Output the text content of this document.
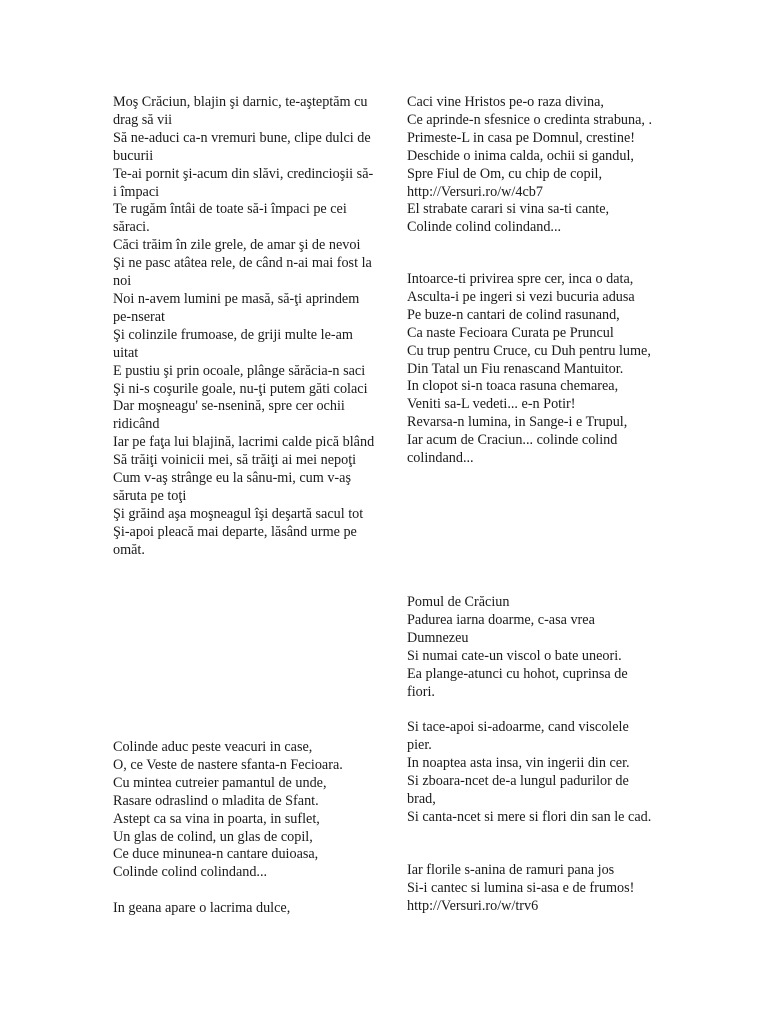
Moş Crăciun, blajin şi darnic, te-aşteptăm cu drag să vii
Să ne-aduci ca-n vremuri bune, clipe dulci de bucurii
Te-ai pornit şi-acum din slăvi, credincioşii să-i împaci
Te rugăm întâi de toate să-i împaci pe cei săraci.
Căci trăim în zile grele, de amar şi de nevoi
Şi ne pasc atâtea rele, de când n-ai mai fost la noi
Noi n-avem lumini pe masă, să-ţi aprindem pe-nserat
Şi colinzile frumoase, de griji multe le-am uitat
E pustiu şi prin ocoale, plânge sărăcia-n saci
Şi ni-s coşurile goale, nu-ţi putem găti colaci
Dar moşneagu' se-nsenină, spre cer ochii ridicând
Iar pe faţa lui blajină, lacrimi calde pică blând
Să trăiţi voinicii mei, să trăiţi ai mei nepoţi
Cum v-aş strânge eu la sânu-mi, cum v-aş săruta pe toţi
Şi grăind aşa moşneagul îşi deşartă sacul tot
Şi-apoi pleacă mai departe, lăsând urme pe omăt.
Colinde aduc peste veacuri in case,
O, ce Veste de nastere sfanta-n Fecioara.
Cu mintea cutreier pamantul de unde,
Rasare odraslind o mladita de Sfant.
Astept ca sa vina in poarta, in suflet,
Un glas de colind, un glas de copil,
Ce duce minunea-n cantare duioasa,
Colinde colind colindand...
In geana apare o lacrima dulce,
Caci vine Hristos pe-o raza divina,
Ce aprinde-n sfesnice o credinta strabuna, .
Primeste-L in casa pe Domnul, crestine!
Deschide o inima calda, ochii si gandul,
Spre Fiul de Om, cu chip de copil,
http://Versuri.ro/w/4cb7
El strabate carari si vina sa-ti cante,
Colinde colind colindand...
Intoarce-ti privirea spre cer, inca o data,
Asculta-i pe ingeri si vezi bucuria adusa
Pe buze-n cantari de colind rasunand,
Ca naste Fecioara Curata pe Pruncul
Cu trup pentru Cruce, cu Duh pentru lume,
Din Tatal un Fiu renascand Mantuitor.
In clopot si-n toaca rasuna chemarea,
Veniti sa-L vedeti... e-n Potir!
Revarsa-n lumina, in Sange-i e Trupul,
Iar acum de Craciun... colinde colind colindand...
Pomul de Crăciun
Padurea iarna doarme, c-asa vrea Dumnezeu
Si numai cate-un viscol o bate uneori.
Ea plange-atunci cu hohot, cuprinsa de fiori.
Si tace-apoi si-adoarme, cand viscolele pier.
In noaptea asta insa, vin ingerii din cer.
Si zboara-ncet de-a lungul padurilor de brad,
Si canta-ncet si mere si flori din san le cad.
Iar florile s-anina de ramuri pana jos
Si-i cantec si lumina si-asa e de frumos!
http://Versuri.ro/w/trv6
